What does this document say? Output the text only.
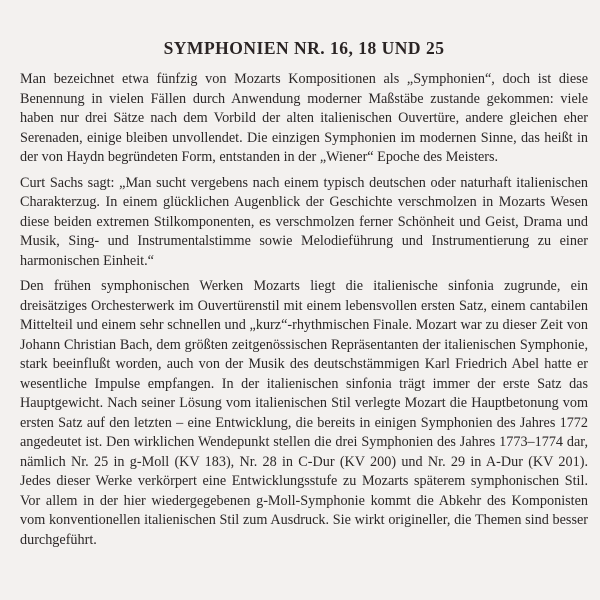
SYMPHONIEN NR. 16, 18 UND 25

Man bezeichnet etwa fünfzig von Mozarts Kompositionen als „Symphonien“, doch ist diese Benennung in vielen Fällen durch Anwendung moderner Maßstäbe zustande gekommen: viele haben nur drei Sätze nach dem Vorbild der alten italienischen Ouvertüre, andere gleichen eher Serenaden, einige bleiben unvollendet. Die einzigen Symphonien im modernen Sinne, das heißt in der von Haydn begründeten Form, entstanden in der „Wiener“ Epoche des Meisters.

Curt Sachs sagt: „Man sucht vergebens nach einem typisch deutschen oder naturhaft italienischen Charakterzug. In einem glücklichen Augenblick der Geschichte verschmolzen in Mozarts Wesen diese beiden extremen Stilkomponenten, es verschmolzen ferner Schönheit und Geist, Drama und Musik, Sing- und Instrumentalstimme sowie Melodieführung und Instrumentierung zu einer harmonischen Einheit.“

Den frühen symphonischen Werken Mozarts liegt die italienische sinfonia zugrunde, ein dreisätziges Orchesterwerk im Ouvertürenstil mit einem lebensvollen ersten Satz, einem cantabilen Mittelteil und einem sehr schnellen und „kurz“-rhythmischen Finale. Mozart war zu dieser Zeit von Johann Christian Bach, dem größten zeitgenössischen Repräsentanten der italienischen Symphonie, stark beeinflußt worden, auch von der Musik des deutschstämmigen Karl Friedrich Abel hatte er wesentliche Impulse empfangen. In der italienischen sinfonia trägt immer der erste Satz das Hauptgewicht. Nach seiner Lösung vom italienischen Stil verlegte Mozart die Hauptbetonung vom ersten Satz auf den letzten – eine Entwicklung, die bereits in einigen Symphonien des Jahres 1772 angedeutet ist. Den wirklichen Wendepunkt stellen die drei Symphonien des Jahres 1773–1774 dar, nämlich Nr. 25 in g-Moll (KV 183), Nr. 28 in C-Dur (KV 200) und Nr. 29 in A-Dur (KV 201). Jedes dieser Werke verkörpert eine Entwicklungsstufe zu Mozarts späterem symphonischen Stil. Vor allem in der hier wiedergegebenen g-Moll-Symphonie kommt die Abkehr des Komponisten vom konventionellen italienischen Stil zum Ausdruck. Sie wirkt origineller, die Themen sind besser durchgeführt.
